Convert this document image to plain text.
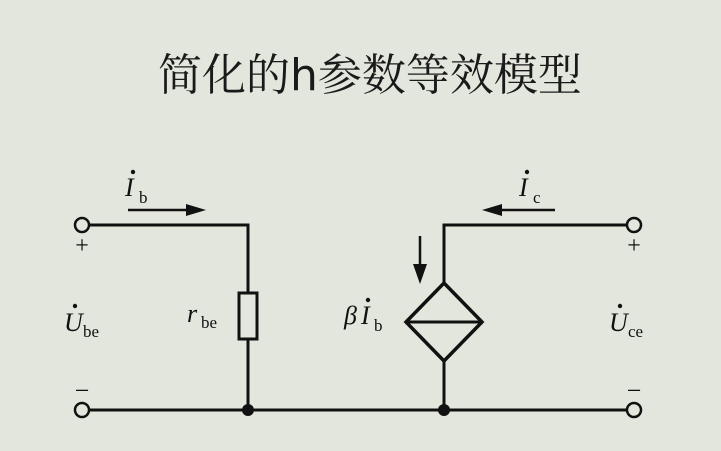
简化的h参数等效模型
I b	I c
+	+
−	−
U be	U ce
r be	β I b
